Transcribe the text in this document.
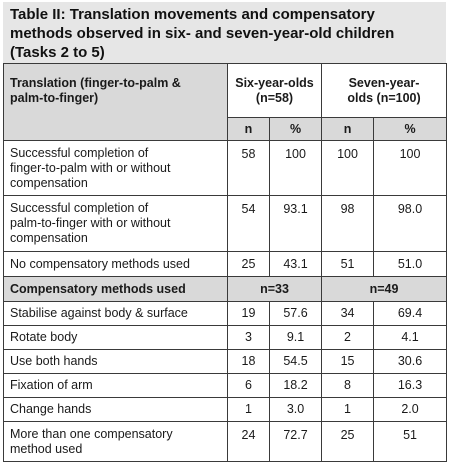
Table II: Translation movements and compensatory
methods observed in six- and seven-year-old children
(Tasks 2 to 5)
Translation (finger-to-palm &
palm-to-finger)	Six-year-olds
(n=58)		Seven-year-
olds (n=100)	

	n	%	n	%

Successful completion of
finger-to-palm with or without
compensation	58	100	100	100

Successful completion of
palm-to-finger with or without
compensation	54	93.1	98	98.0
No compensatory methods used	25	43.1	51	51.0
Compensatory methods used	n=33		n=49	
Stabilise against body & surface	19	57.6	34	69.4
Rotate body	3	9.1	2	4.1
Use both hands	18	54.5	15	30.6
Fixation of arm	6	18.2	8	16.3
Change hands	1	3.0	1	2.0

More than one compensatory
method used	24	72.7	25	51
